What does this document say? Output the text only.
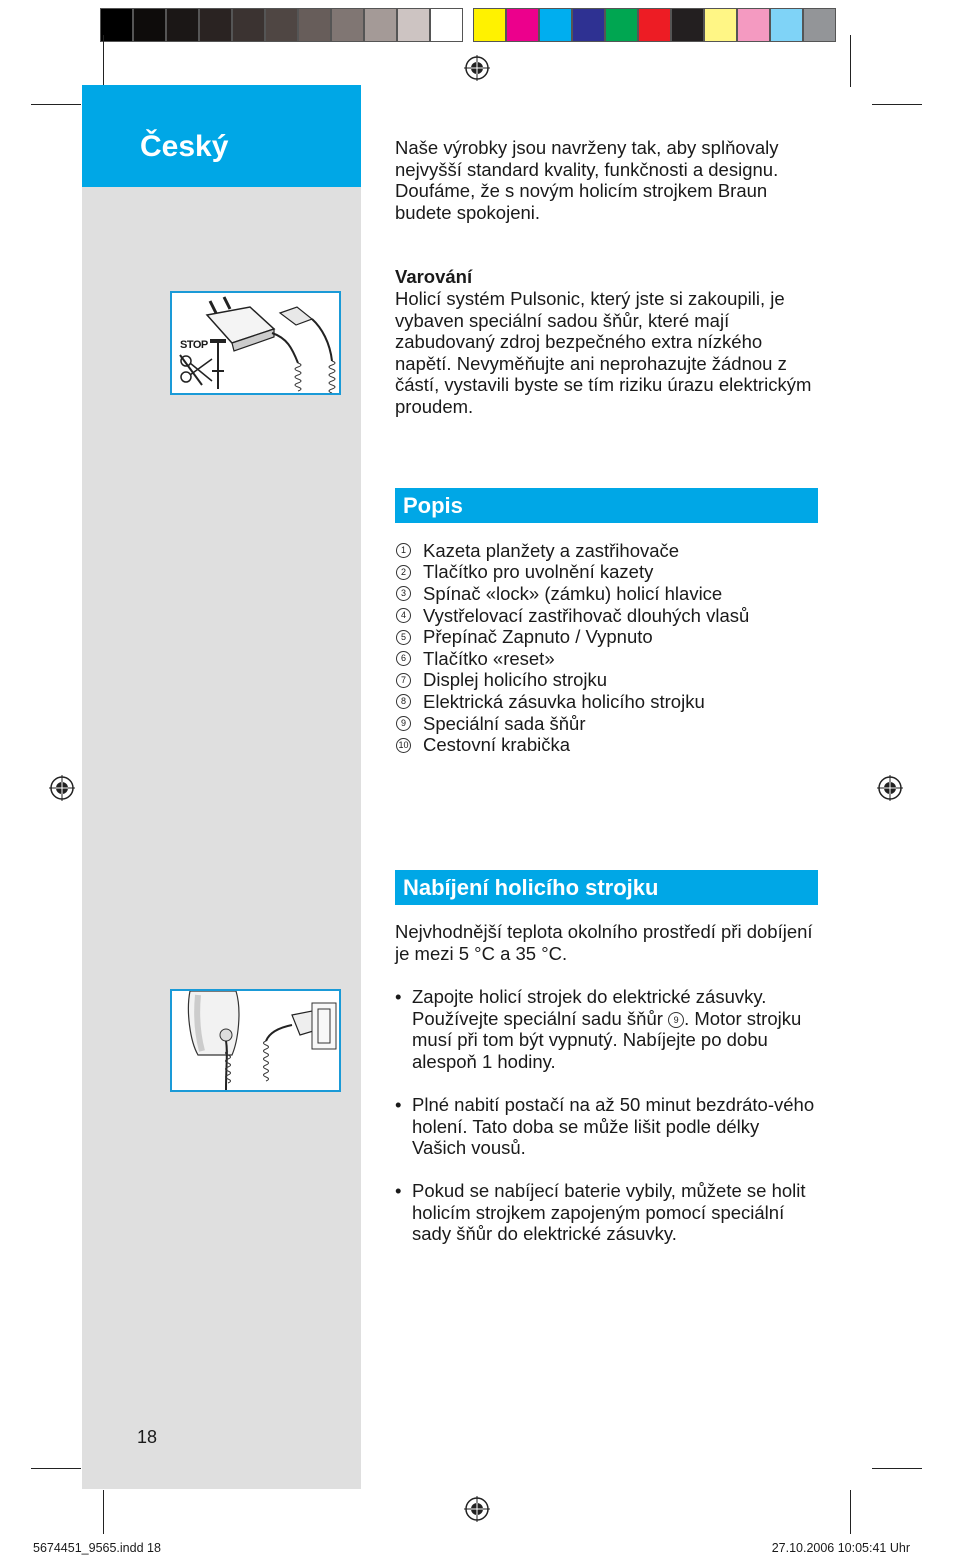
Český
STOP
Naše výrobky jsou navrženy tak, aby splňovaly nejvyšší standard kvality, funkčnosti a designu. Doufáme, že s novým holicím strojkem Braun budete spokojeni.
Varování
Holicí systém Pulsonic, který jste si zakoupili, je vybaven speciální sadou šňůr, které mají zabudovaný zdroj bezpečného extra nízkého napětí. Nevyměňujte ani neprohazujte žádnou z částí, vystavili byste se tím riziku úrazu elektrickým proudem.
Popis
1 Kazeta planžety a zastřihovače
2 Tlačítko pro uvolnění kazety
3 Spínač «lock» (zámku) holicí hlavice
4 Vystřelovací zastřihovač dlouhých vlasů
5 Přepínač Zapnuto / Vypnuto
6 Tlačítko «reset»
7 Displej holicího strojku
8 Elektrická zásuvka holicího strojku
9 Speciální sada šňůr
10 Cestovní krabička
Nabíjení holicího strojku
Nejvhodnější teplota okolního prostředí při dobíjení je mezi 5 °C a 35 °C.
• Zapojte holicí strojek do elektrické zásuvky. Používejte speciální sadu šňůr 9 . Motor strojku musí při tom být vypnutý. Nabíjejte po dobu alespoň 1 hodiny.
• Plné nabití postačí na až 50 minut bezdráto-vého holení. Tato doba se může lišit podle délky Vašich vousů.
• Pokud se nabíjecí baterie vybily, můžete se holit holicím strojkem zapojeným pomocí speciální sady šňůr do elektrické zásuvky.
18
5674451_9565.indd 18	27.10.2006 10:05:41 Uhr
